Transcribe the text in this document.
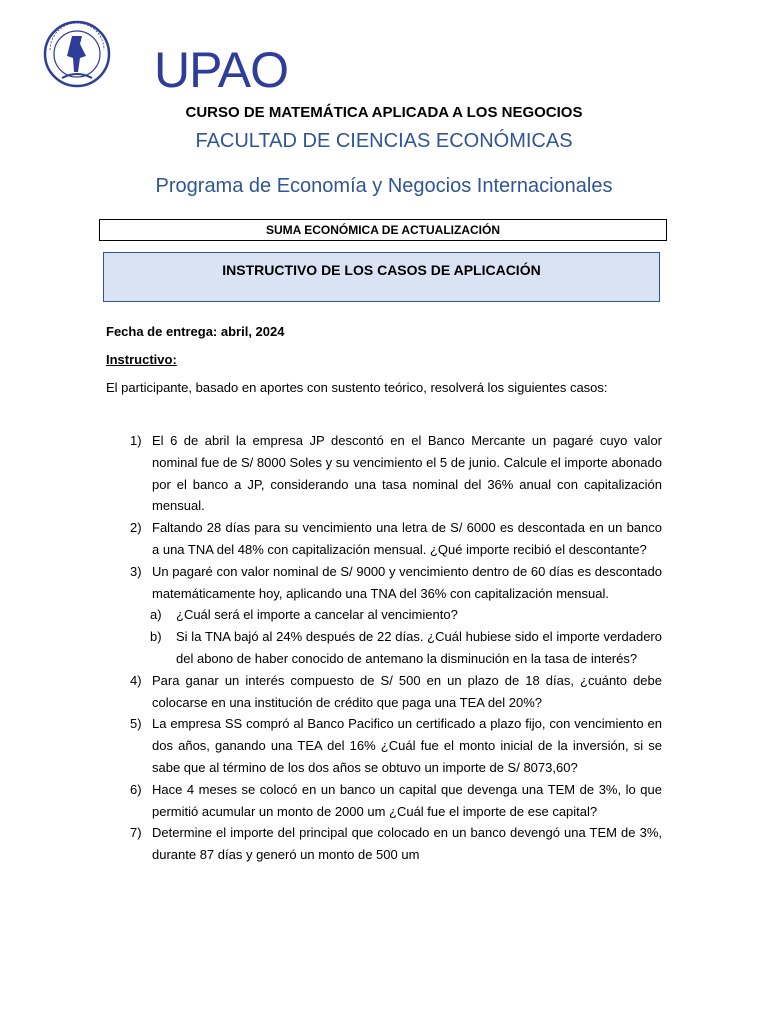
UPAO
CURSO DE MATEMÁTICA APLICADA A LOS NEGOCIOS
FACULTAD DE CIENCIAS ECONÓMICAS
Programa de Economía y Negocios Internacionales
SUMA ECONÓMICA DE ACTUALIZACIÓN
INSTRUCTIVO DE LOS CASOS DE APLICACIÓN
Fecha de entrega: abril, 2024
Instructivo:
El participante, basado en aportes con sustento teórico, resolverá los siguientes casos:
1) El 6 de abril la empresa JP descontó en el Banco Mercante un pagaré cuyo valor nominal fue de S/ 8000 Soles y su vencimiento el 5 de junio. Calcule el importe abonado por el banco a JP, considerando una tasa nominal del 36% anual con capitalización mensual.
2) Faltando 28 días para su vencimiento una letra de S/ 6000 es descontada en un banco a una TNA del 48% con capitalización mensual. ¿Qué importe recibió el descontante?
3) Un pagaré con valor nominal de S/ 9000 y vencimiento dentro de 60 días es descontado matemáticamente hoy, aplicando una TNA del 36% con capitalización mensual.
a) ¿Cuál será el importe a cancelar al vencimiento?
b) Si la TNA bajó al 24% después de 22 días. ¿Cuál hubiese sido el importe verdadero del abono de haber conocido de antemano la disminución en la tasa de interés?
4) Para ganar un interés compuesto de S/ 500 en un plazo de 18 días, ¿cuánto debe colocarse en una institución de crédito que paga una TEA del 20%?
5) La empresa SS compró al Banco Pacifico un certificado a plazo fijo, con vencimiento en dos años, ganando una TEA del 16% ¿Cuál fue el monto inicial de la inversión, si se sabe que al término de los dos años se obtuvo un importe de S/ 8073,60?
6) Hace 4 meses se colocó en un banco un capital que devenga una TEM de 3%, lo que permitió acumular un monto de 2000 um ¿Cuál fue el importe de ese capital?
7) Determine el importe del principal que colocado en un banco devengó una TEM de 3%, durante 87 días y generó un monto de 500 um
